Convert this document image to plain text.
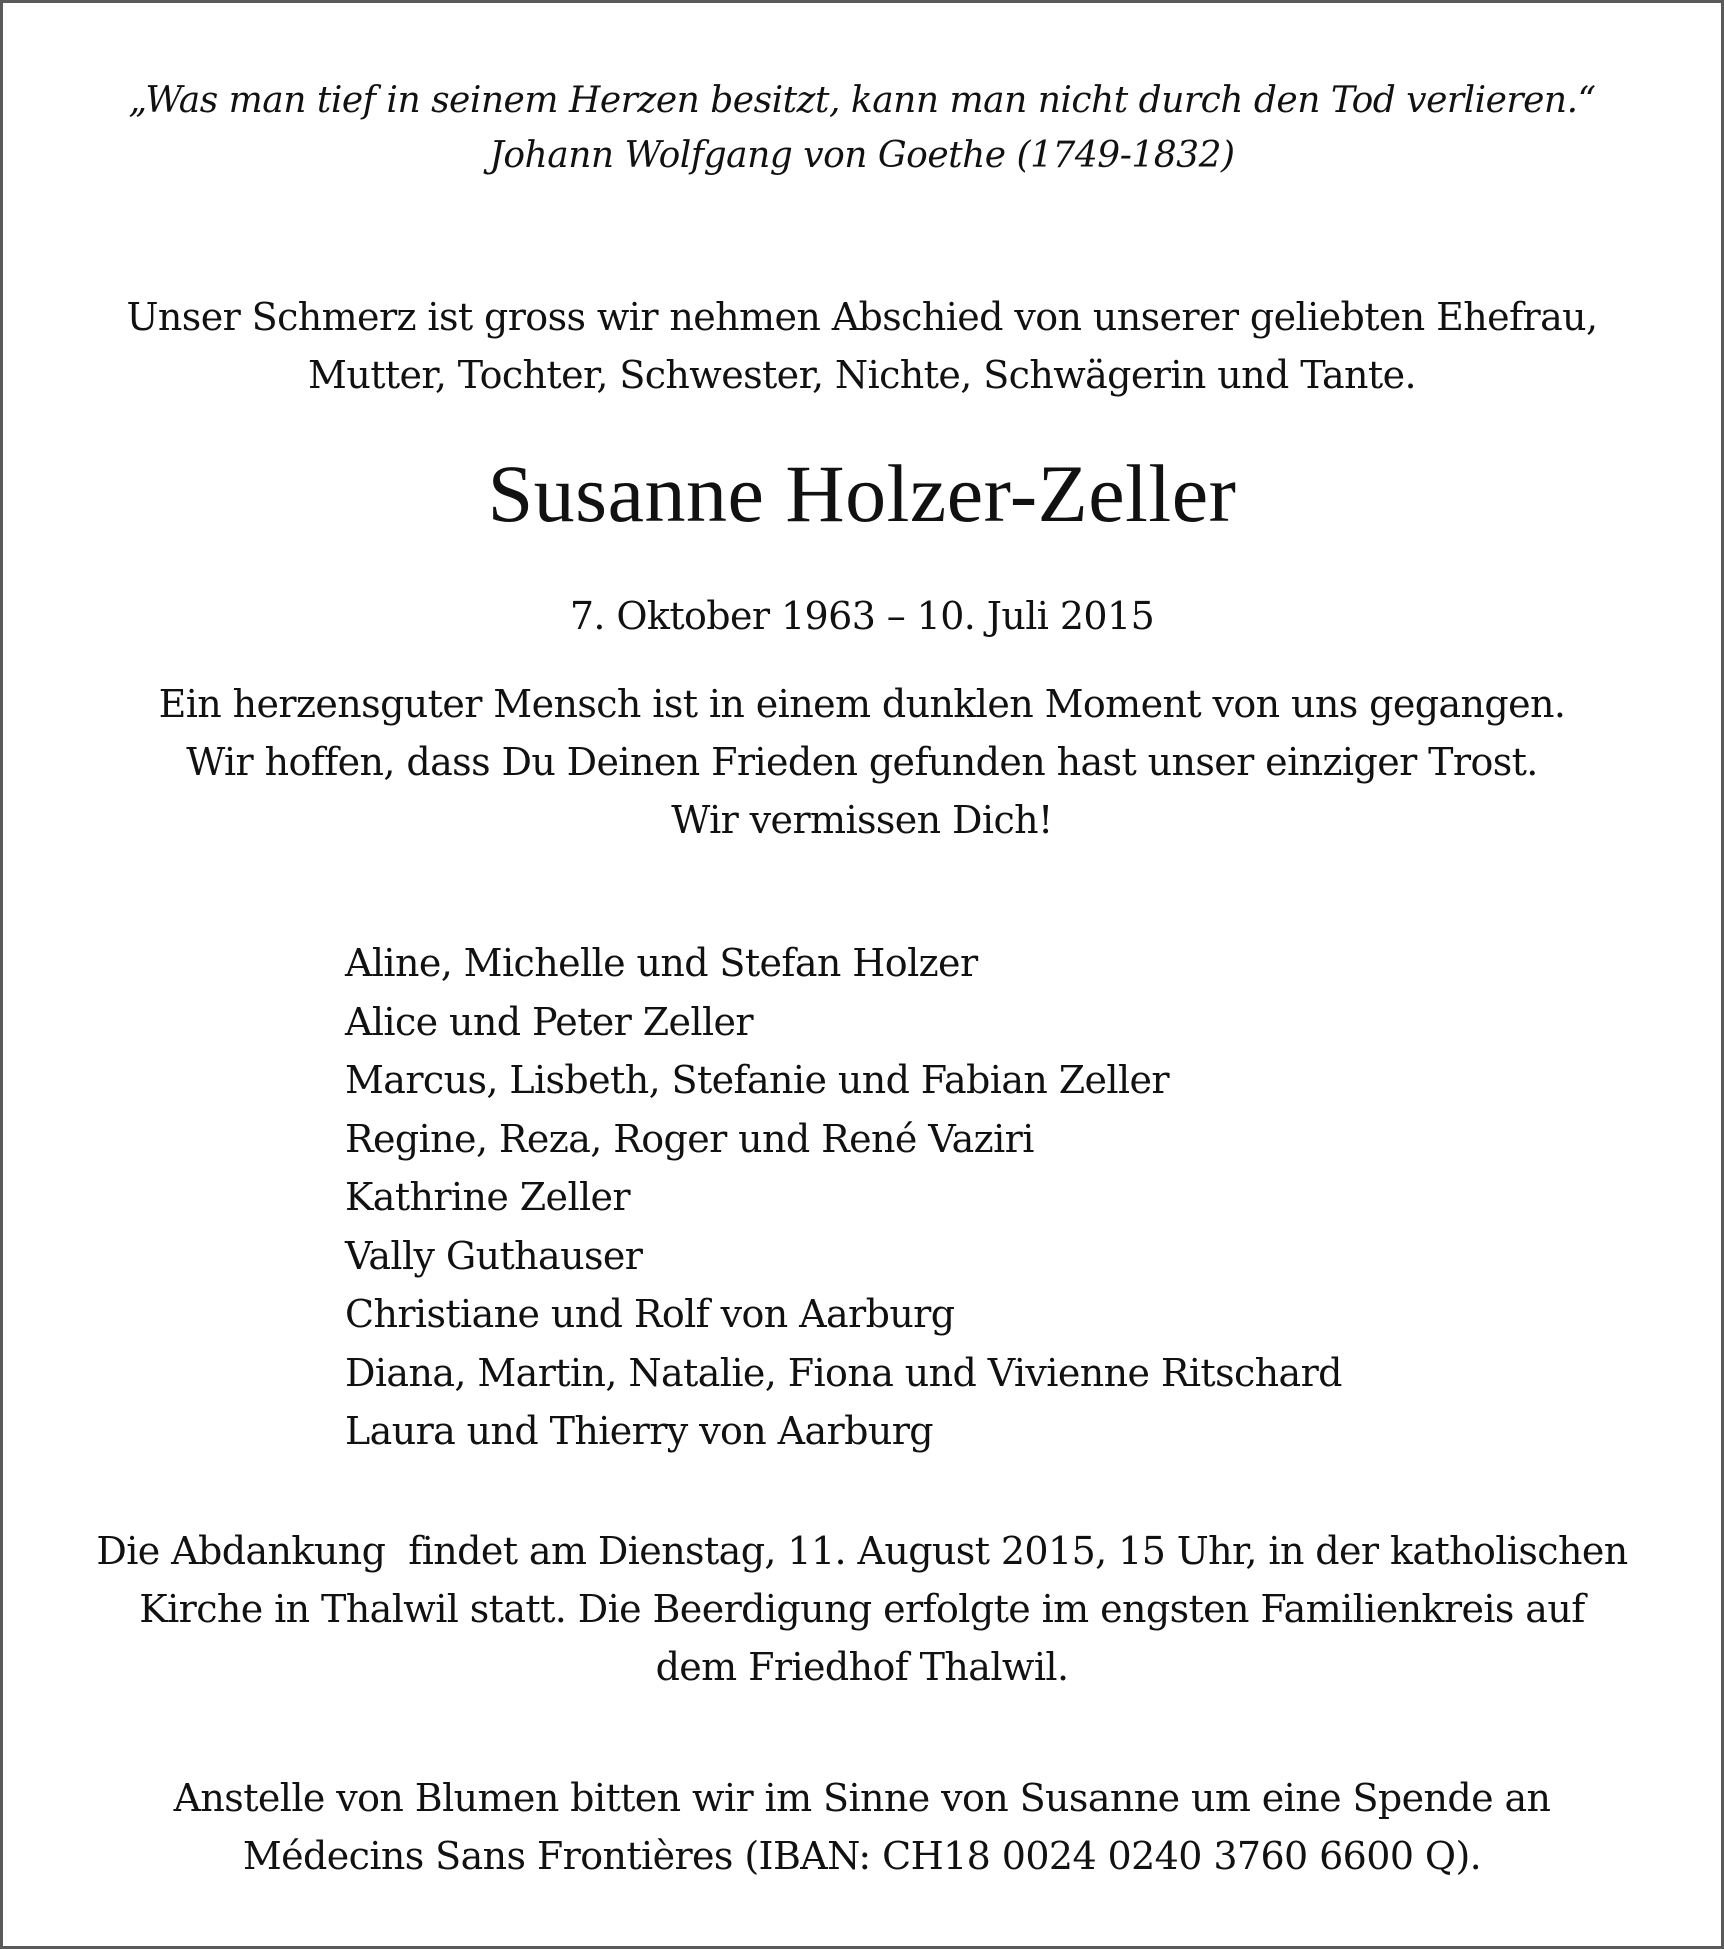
„Was man tief in seinem Herzen besitzt, kann man nicht durch den Tod verlieren.“
Johann Wolfgang von Goethe (1749-1832)

Unser Schmerz ist gross wir nehmen Abschied von unserer geliebten Ehefrau,
Mutter, Tochter, Schwester, Nichte, Schwägerin und Tante.

Susanne Holzer-Zeller

7. Oktober 1963 – 10. Juli 2015

Ein herzensguter Mensch ist in einem dunklen Moment von uns gegangen.
Wir hoffen, dass Du Deinen Frieden gefunden hast unser einziger Trost.
Wir vermissen Dich!

Aline, Michelle und Stefan Holzer
Alice und Peter Zeller
Marcus, Lisbeth, Stefanie und Fabian Zeller
Regine, Reza, Roger und René Vaziri
Kathrine Zeller
Vally Guthauser
Christiane und Rolf von Aarburg
Diana, Martin, Natalie, Fiona und Vivienne Ritschard
Laura und Thierry von Aarburg

Die Abdankung  findet am Dienstag, 11. August 2015, 15 Uhr, in der katholischen
Kirche in Thalwil statt. Die Beerdigung erfolgte im engsten Familienkreis auf
dem Friedhof Thalwil.

Anstelle von Blumen bitten wir im Sinne von Susanne um eine Spende an
Médecins Sans Frontières (IBAN: CH18 0024 0240 3760 6600 Q).
